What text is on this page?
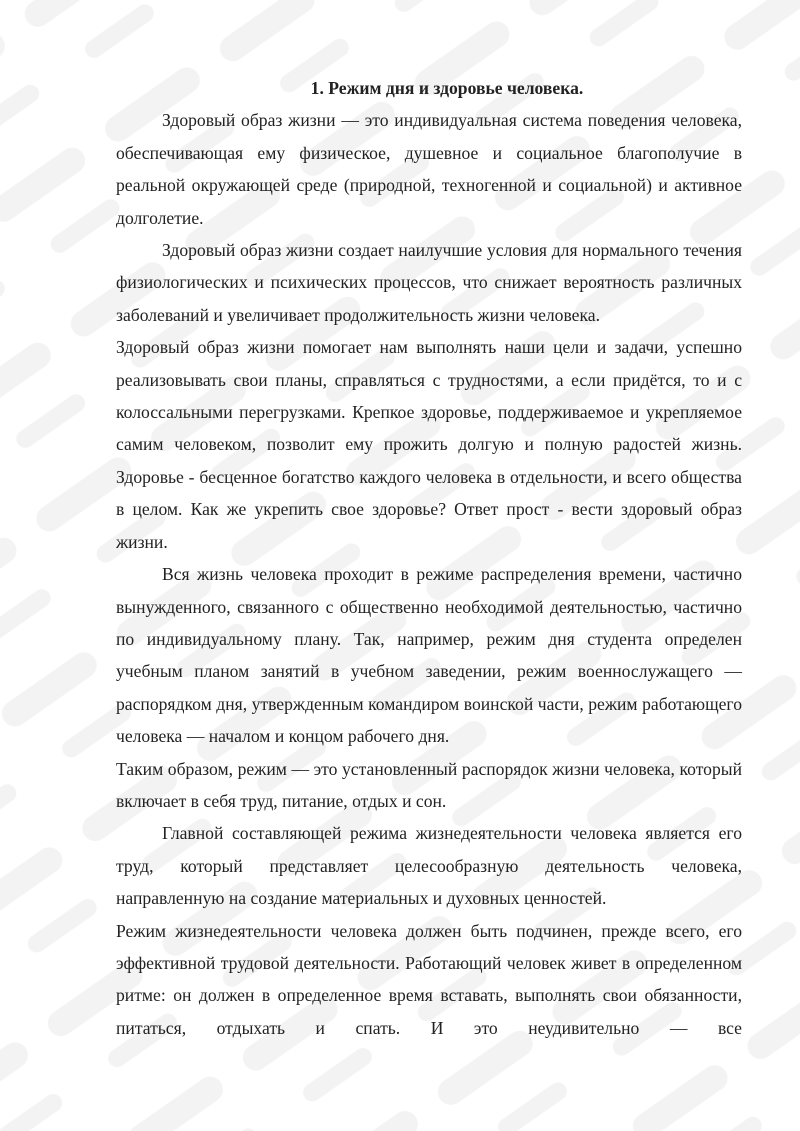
1. Режим дня и здоровье человека.

Здоровый образ жизни — это индивидуальная система поведения человека, обеспечивающая ему физическое, душевное и социальное благополучие в реальной окружающей среде (природной, техногенной и социальной) и активное долголетие.

Здоровый образ жизни создает наилучшие условия для нормального течения физиологических и психических процессов, что снижает вероятность различных заболеваний и увеличивает продолжительность жизни человека.

Здоровый образ жизни помогает нам выполнять наши цели и задачи, успешно реализовывать свои планы, справляться с трудностями, а если придётся, то и с колоссальными перегрузками. Крепкое здоровье, поддерживаемое и укрепляемое самим человеком, позволит ему прожить долгую и полную радостей жизнь. Здоровье - бесценное богатство каждого человека в отдельности, и всего общества в целом. Как же укрепить свое здоровье? Ответ прост - вести здоровый образ жизни.

Вся жизнь человека проходит в режиме распределения времени, частично вынужденного, связанного с общественно необходимой деятельностью, частично по индивидуальному плану. Так, например, режим дня студента определен учебным планом занятий в учебном заведении, режим военнослужащего — распорядком дня, утвержденным командиром воинской части, режим работающего человека — началом и концом рабочего дня.

Таким образом, режим — это установленный распорядок жизни человека, который включает в себя труд, питание, отдых и сон.

Главной составляющей режима жизнедеятельности человека является его труд, который представляет целесообразную деятельность человека, направленную на создание материальных и духовных ценностей.

Режим жизнедеятельности человека должен быть подчинен, прежде всего, его эффективной трудовой деятельности. Работающий человек живет в определенном ритме: он должен в определенное время вставать, выполнять свои обязанности, питаться, отдыхать и спать. И это неудивительно — все
